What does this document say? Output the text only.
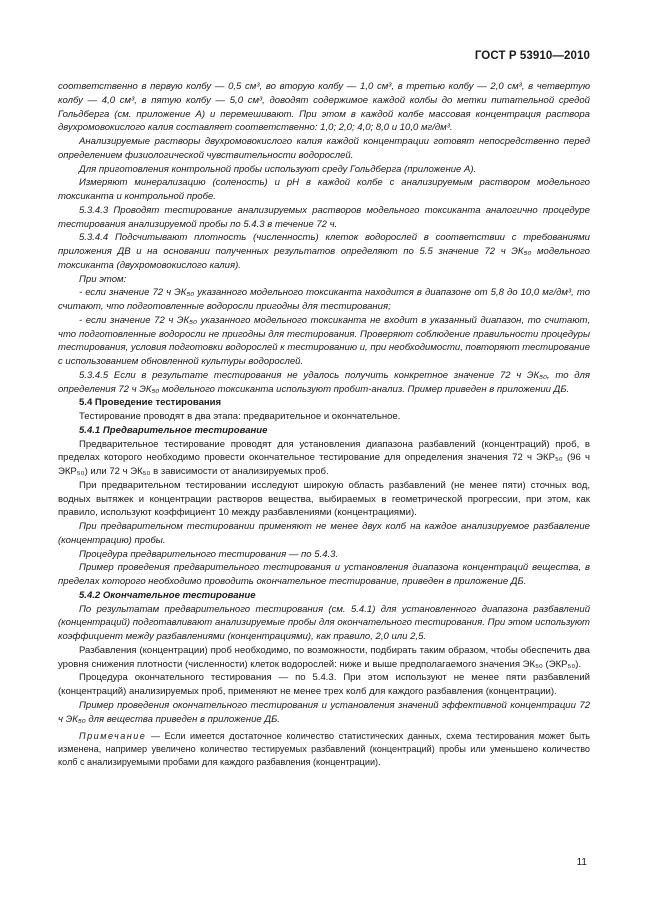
ГОСТ Р 53910—2010

соответственно в первую колбу — 0,5 см³, во вторую колбу — 1,0 см³, в третью колбу — 2,0 см³, в четвертую колбу — 4,0 см³, в пятую колбу — 5,0 см³, доводят содержимое каждой колбы до метки питательной средой Гольдберга (см. приложение А) и перемешивают. При этом в каждой колбе массовая концентрация раствора двухромовокислого калия составляет соответственно: 1,0; 2,0; 4,0; 8,0 и 10,0 мг/дм³.

Анализируемые растворы двухромовокислого калия каждой концентрации готовят непосредственно перед определением физиологической чувствительности водорослей.

Для приготовления контрольной пробы используют среду Гольдберга (приложение А).

Измеряют минерализацию (соленость) и рН в каждой колбе с анализируемым раствором модельного токсиканта и контрольной пробе.

5.3.4.3 Проводят тестирование анализируемых растворов модельного токсиканта аналогично процедуре тестирования анализируемой пробы по 5.4.3 в течение 72 ч.

5.3.4.4 Подсчитывают плотность (численность) клеток водорослей в соответствии с требованиями приложения ДВ и на основании полученных результатов определяют по 5.5 значение 72 ч ЭК₅₀ модельного токсиканта (двухромовокислого калия).

При этом:

- если значение 72 ч ЭК₅₀ указанного модельного токсиканта находится в диапазоне от 5,8 до 10,0 мг/дм³, то считают, что подготовленные водоросли пригодны для тестирования;

- если значение 72 ч ЭК₅₀ указанного модельного токсиканта не входит в указанный диапазон, то считают, что подготовленные водоросли не пригодны для тестирования. Проверяют соблюдение правильности процедуры тестирования, условия подготовки водорослей к тестированию и, при необходимости, повторяют тестирование с использованием обновленной культуры водорослей.

5.3.4.5 Если в результате тестирования не удалось получить конкретное значение 72 ч ЭК₅₀, то для определения 72 ч ЭК₅₀ модельного токсиканта используют пробит-анализ. Пример приведен в приложении ДБ.

5.4 Проведение тестирования

Тестирование проводят в два этапа: предварительное и окончательное.

5.4.1 Предварительное тестирование

Предварительное тестирование проводят для установления диапазона разбавлений (концентраций) проб, в пределах которого необходимо провести окончательное тестирование для определения значения 72 ч ЭКР₅₀ (96 ч ЭКР₅₀) или 72 ч ЭК₅₀ в зависимости от анализируемых проб.

При предварительном тестировании исследуют широкую область разбавлений (не менее пяти) сточных вод, водных вытяжек и концентрации растворов вещества, выбираемых в геометрической прогрессии, при этом, как правило, используют коэффициент 10 между разбавлениями (концентрациями).

При предварительном тестировании применяют не менее двух колб на каждое анализируемое разбавление (концентрацию) пробы.

Процедура предварительного тестирования — по 5.4.3.

Пример проведения предварительного тестирования и установления диапазона концентраций вещества, в пределах которого необходимо проводить окончательное тестирование, приведен в приложение ДБ.

5.4.2 Окончательное тестирование

По результатам предварительного тестирования (см. 5.4.1) для установленного диапазона разбавлений (концентраций) подготавливают анализируемые пробы для окончательного тестирования. При этом используют коэффициент между разбавлениями (концентрациями), как правило, 2,0 или 2,5.

Разбавления (концентрации) проб необходимо, по возможности, подбирать таким образом, чтобы обеспечить два уровня снижения плотности (численности) клеток водорослей: ниже и выше предполагаемого значения ЭК₅₀ (ЭКР₅₀).

Процедура окончательного тестирования — по 5.4.3. При этом используют не менее пяти разбавлений (концентраций) анализируемых проб, применяют не менее трех колб для каждого разбавления (концентрации).

Пример проведения окончательного тестирования и установления значений эффективной концентрации 72 ч ЭК₅₀ для вещества приведен в приложение ДБ.

Примечание — Если имеется достаточное количество статистических данных, схема тестирования может быть изменена, например увеличено количество тестируемых разбавлений (концентраций) пробы или уменьшено количество колб с анализируемыми пробами для каждого разбавления (концентрации).

11
